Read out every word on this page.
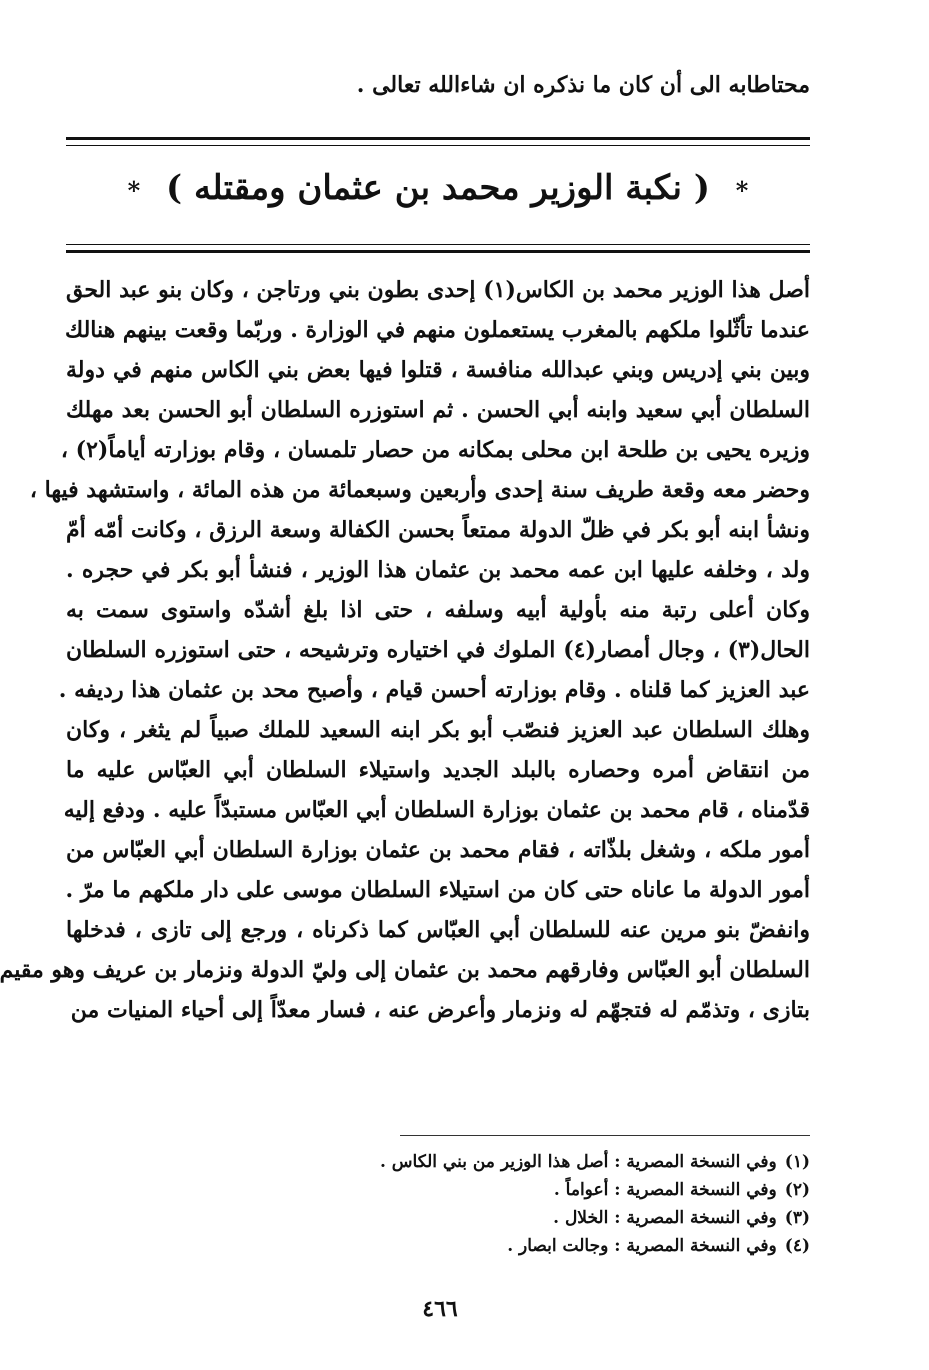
محتاطابه الى أن كان ما نذكره ان شاءالله تعالى .
* ( نكبة الوزير محمد بن عثمان ومقتله ) *
أصل هذا الوزير محمد بن الكاس(١) إحدى بطون بني ورتاجن ، وكان بنو عبد الحق
عندما تأثّلوا ملكهم بالمغرب يستعملون منهم في الوزارة . وربّما وقعت بينهم هنالك
وبين بني إدريس وبني عبدالله منافسة ، قتلوا فيها بعض بني الكاس منهم في دولة
السلطان أبي سعيد وابنه أبي الحسن . ثم استوزره السلطان أبو الحسن بعد مهلك
وزيره يحيى بن طلحة ابن محلى بمكانه من حصار تلمسان ، وقام بوزارته أياماً(٢) ،
وحضر معه وقعة طريف سنة إحدى وأربعين وسبعمائة من هذه المائة ، واستشهد فيها ،
ونشأ ابنه أبو بكر في ظلّ الدولة ممتعاً بحسن الكفالة وسعة الرزق ، وكانت أمّه أمّ
ولد ، وخلفه عليها ابن عمه محمد بن عثمان هذا الوزير ، فنشأ أبو بكر في حجره .
وكان أعلى رتبة منه بأولية أبيه وسلفه ، حتى اذا بلغ أشدّه واستوى سمت به
الحال(٣) ، وجال أمصار(٤) الملوك في اختياره وترشيحه ، حتى استوزره السلطان
عبد العزيز كما قلناه . وقام بوزارته أحسن قيام ، وأصبح محد بن عثمان هذا رديفه .
وهلك السلطان عبد العزيز فنصّب أبو بكر ابنه السعيد للملك صبياً لم يثغر ، وكان
من انتقاض أمره وحصاره بالبلد الجديد واستيلاء السلطان أبي العبّاس عليه ما
قدّمناه ، قام محمد بن عثمان بوزارة السلطان أبي العبّاس مستبدّاً عليه . ودفع إليه
أمور ملكه ، وشغل بلذّاته ، فقام محمد بن عثمان بوزارة السلطان أبي العبّاس من
أمور الدولة ما عاناه حتى كان من استيلاء السلطان موسى على دار ملكهم ما مرّ .
وانفضّ بنو مرين عنه للسلطان أبي العبّاس كما ذكرناه ، ورجع إلى تازى ، فدخلها
السلطان أبو العبّاس وفارقهم محمد بن عثمان إلى وليّ الدولة ونزمار بن عريف وهو مقيم
بتازى ، وتذمّم له فتجهّم له ونزمار وأعرض عنه ، فسار معدّاً إلى أحياء المنيات من
(١)وفي النسخة المصرية : أصل هذا الوزير من بني الكاس .
(٢)وفي النسخة المصرية : أعواماً .
(٣)وفي النسخة المصرية : الخلال .
(٤)وفي النسخة المصرية : وجالت ابصار .
٤٦٦
